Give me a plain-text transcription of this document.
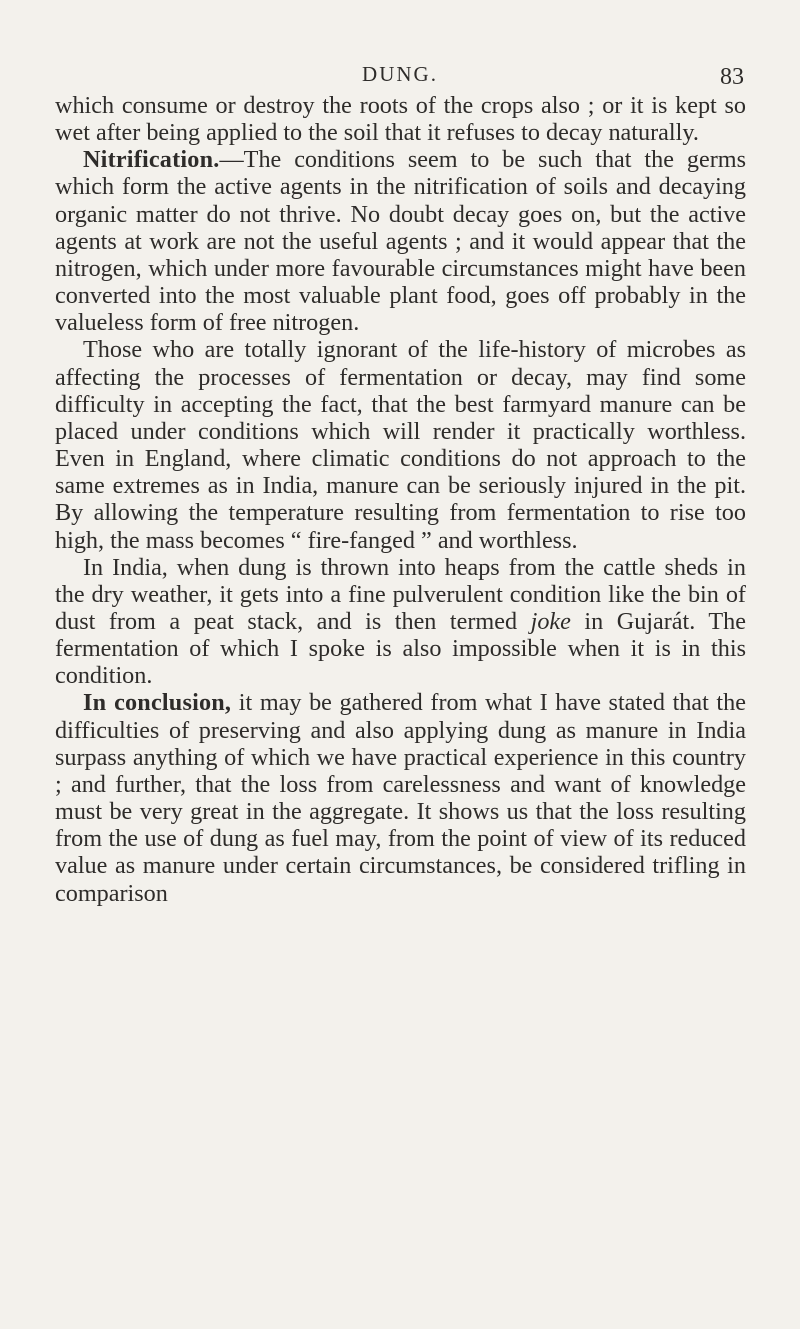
DUNG.	83

which consume or destroy the roots of the crops also ; or it is kept so wet after being applied to the soil that it refuses to decay naturally.

Nitrification.—The conditions seem to be such that the germs which form the active agents in the nitrification of soils and decaying organic matter do not thrive. No doubt decay goes on, but the active agents at work are not the useful agents ; and it would appear that the nitrogen, which under more favourable circumstances might have been converted into the most valuable plant food, goes off probably in the valueless form of free nitrogen.

Those who are totally ignorant of the life-history of microbes as affecting the processes of fermentation or decay, may find some difficulty in accepting the fact, that the best farmyard manure can be placed under conditions which will render it practically worthless. Even in England, where climatic conditions do not approach to the same extremes as in India, manure can be seriously injured in the pit. By allowing the temperature resulting from fermentation to rise too high, the mass becomes “ fire-fanged ” and worthless.

In India, when dung is thrown into heaps from the cattle sheds in the dry weather, it gets into a fine pulverulent condition like the bin of dust from a peat stack, and is then termed joke in Gujarát. The fermentation of which I spoke is also impossible when it is in this condition.

In conclusion, it may be gathered from what I have stated that the difficulties of preserving and also applying dung as manure in India surpass anything of which we have practical experience in this country ; and further, that the loss from carelessness and want of knowledge must be very great in the aggregate. It shows us that the loss resulting from the use of dung as fuel may, from the point of view of its reduced value as manure under certain circumstances, be considered trifling in comparison
